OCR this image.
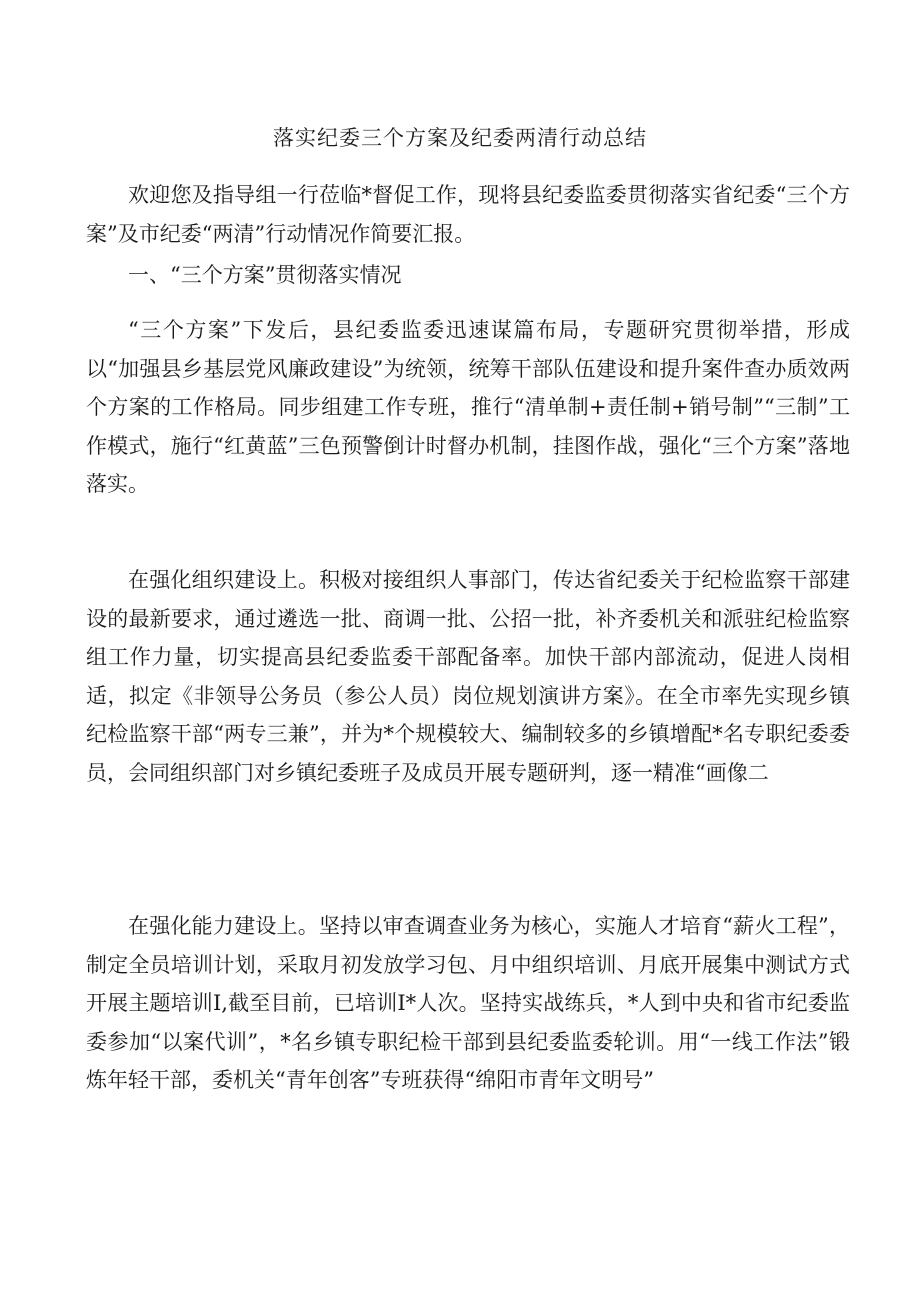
落实纪委三个方案及纪委两清行动总结

欢迎您及指导组一行莅临*督促工作，现将县纪委监委贯彻落实省纪委“三个方案”及市纪委“两清”行动情况作简要汇报。

一、“三个方案”贯彻落实情况

“三个方案”下发后，县纪委监委迅速谋篇布局，专题研究贯彻举措，形成以“加强县乡基层党风廉政建设”为统领，统筹干部队伍建设和提升案件查办质效两个方案的工作格局。同步组建工作专班，推行“清单制+责任制+销号制”“三制”工作模式，施行“红黄蓝”三色预警倒计时督办机制，挂图作战，强化“三个方案”落地落实。

在强化组织建设上。积极对接组织人事部门，传达省纪委关于纪检监察干部建设的最新要求，通过遴选一批、商调一批、公招一批，补齐委机关和派驻纪检监察组工作力量，切实提高县纪委监委干部配备率。加快干部内部流动，促进人岗相适，拟定《非领导公务员（参公人员）岗位规划演讲方案》。在全市率先实现乡镇纪检监察干部“两专三兼”，并为*个规模较大、编制较多的乡镇增配*名专职纪委委员，会同组织部门对乡镇纪委班子及成员开展专题研判，逐一精准“画像二

在强化能力建设上。坚持以审查调查业务为核心，实施人才培育“薪火工程”，制定全员培训计划，采取月初发放学习包、月中组织培训、月底开展集中测试方式开展主题培训I,截至目前，已培训I*人次。坚持实战练兵，*人到中央和省市纪委监委参加“以案代训”，*名乡镇专职纪检干部到县纪委监委轮训。用“一线工作法”锻炼年轻干部，委机关“青年创客”专班获得“绵阳市青年文明号”
